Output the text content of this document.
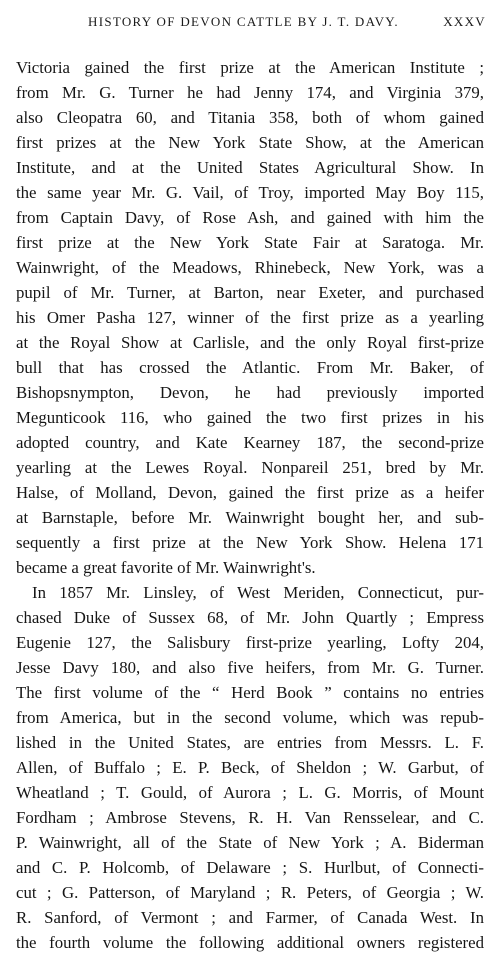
HISTORY OF DEVON CATTLE BY J. T. DAVY.	XXXV
Victoria gained the first prize at the American Institute ;
from Mr. G. Turner he had Jenny 174, and Virginia 379,
also Cleopatra 60, and Titania 358, both of whom gained
first prizes at the New York State Show, at the American
Institute, and at the United States Agricultural Show. In
the same year Mr. G. Vail, of Troy, imported May Boy 115,
from Captain Davy, of Rose Ash, and gained with him the
first prize at the New York State Fair at Saratoga. Mr.
Wainwright, of the Meadows, Rhinebeck, New York, was a
pupil of Mr. Turner, at Barton, near Exeter, and purchased
his Omer Pasha 127, winner of the first prize as a yearling
at the Royal Show at Carlisle, and the only Royal first-prize
bull that has crossed the Atlantic. From Mr. Baker, of
Bishopsnympton, Devon, he had previously imported
Megunticook 116, who gained the two first prizes in his
adopted country, and Kate Kearney 187, the second-prize
yearling at the Lewes Royal. Nonpareil 251, bred by Mr.
Halse, of Molland, Devon, gained the first prize as a heifer
at Barnstaple, before Mr. Wainwright bought her, and sub-
sequently a first prize at the New York Show. Helena 171
became a great favorite of Mr. Wainwright's.
In 1857 Mr. Linsley, of West Meriden, Connecticut, pur-
chased Duke of Sussex 68, of Mr. John Quartly ; Empress
Eugenie 127, the Salisbury first-prize yearling, Lofty 204,
Jesse Davy 180, and also five heifers, from Mr. G. Turner.
The first volume of the “ Herd Book ” contains no entries
from America, but in the second volume, which was repub-
lished in the United States, are entries from Messrs. L. F.
Allen, of Buffalo ; E. P. Beck, of Sheldon ; W. Garbut, of
Wheatland ; T. Gould, of Aurora ; L. G. Morris, of Mount
Fordham ; Ambrose Stevens, R. H. Van Rensselear, and C.
P. Wainwright, all of the State of New York ; A. Biderman
and C. P. Holcomb, of Delaware ; S. Hurlbut, of Connecti-
cut ; G. Patterson, of Maryland ; R. Peters, of Georgia ; W.
R. Sanford, of Vermont ; and Farmer, of Canada West. In
the fourth volume the following additional owners registered
